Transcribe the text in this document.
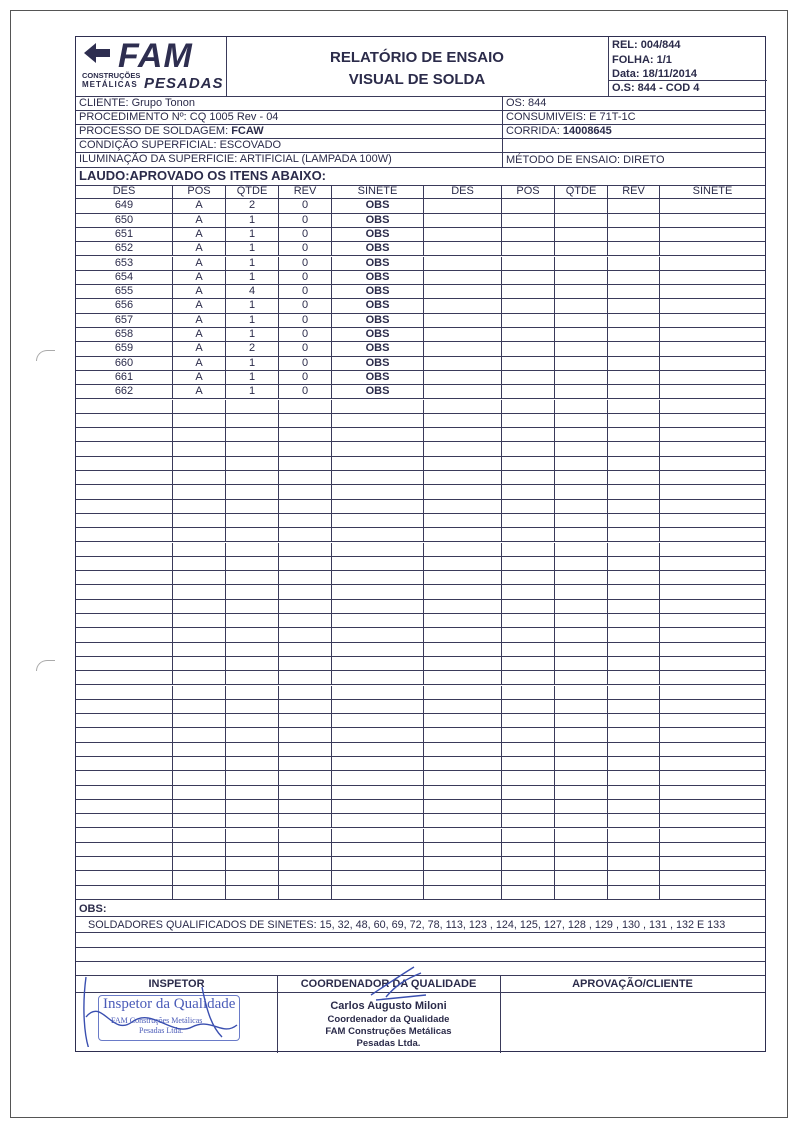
FAM
CONSTRUÇÕES
METÁLICAS PESADAS
RELATÓRIO DE ENSAIO
VISUAL DE SOLDA
REL: 004/844
FOLHA: 1/1
Data: 18/11/2014
O.S: 844 - COD 4
CLIENTE: Grupo Tonon
PROCEDIMENTO Nº: CQ 1005 Rev - 04
PROCESSO DE SOLDAGEM: FCAW
CONDIÇÃO SUPERFICIAL: ESCOVADO
ILUMINAÇÃO DA SUPERFICIE: ARTIFICIAL (LAMPADA 100W)
OS: 844
CONSUMIVEIS: E 71T-1C
CORRIDA: 14008645
MÉTODO DE ENSAIO: DIRETO
LAUDO:APROVADO OS ITENS ABAIXO:
DES	POS	QTDE	REV	SINETE	DES	POS	QTDE	REV	SINETE
649	A	2	0	OBS
650	A	1	0	OBS
651	A	1	0	OBS
652	A	1	0	OBS
653	A	1	0	OBS
654	A	1	0	OBS
655	A	4	0	OBS
656	A	1	0	OBS
657	A	1	0	OBS
658	A	1	0	OBS
659	A	2	0	OBS
660	A	1	0	OBS
661	A	1	0	OBS
662	A	1	0	OBS
OBS:
SOLDADORES QUALIFICADOS DE SINETES: 15, 32, 48, 60, 69, 72, 78, 113, 123 , 124, 125, 127, 128 , 129 , 130 , 131 , 132 E 133
INSPETOR	COORDENADOR DA QUALIDADE	APROVAÇÃO/CLIENTE
Inspetor da Qualidade
FAM Construções Metálicas
Pesadas Ltda.
Carlos Augusto Miloni
Coordenador da Qualidade
FAM Construções Metálicas
Pesadas Ltda.
